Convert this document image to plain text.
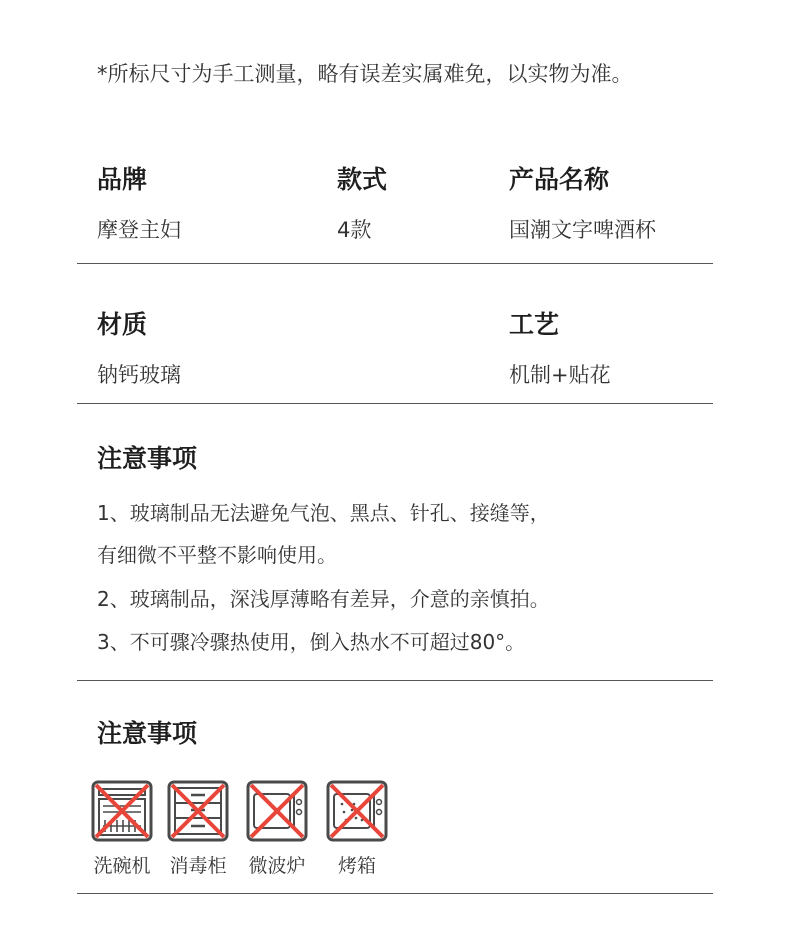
*所标尺寸为手工测量，略有误差实属难免，以实物为准。
品牌
摩登主妇
款式
4款
产品名称
国潮文字啤酒杯
材质
钠钙玻璃
工艺
机制+贴花
注意事项
1、玻璃制品无法避免气泡、黑点、针孔、接缝等，
有细微不平整不影响使用。
2、玻璃制品，深浅厚薄略有差异，介意的亲慎拍。
3、不可骤冷骤热使用，倒入热水不可超过80°。
注意事项
洗碗机 消毒柜	微波炉	烤箱
